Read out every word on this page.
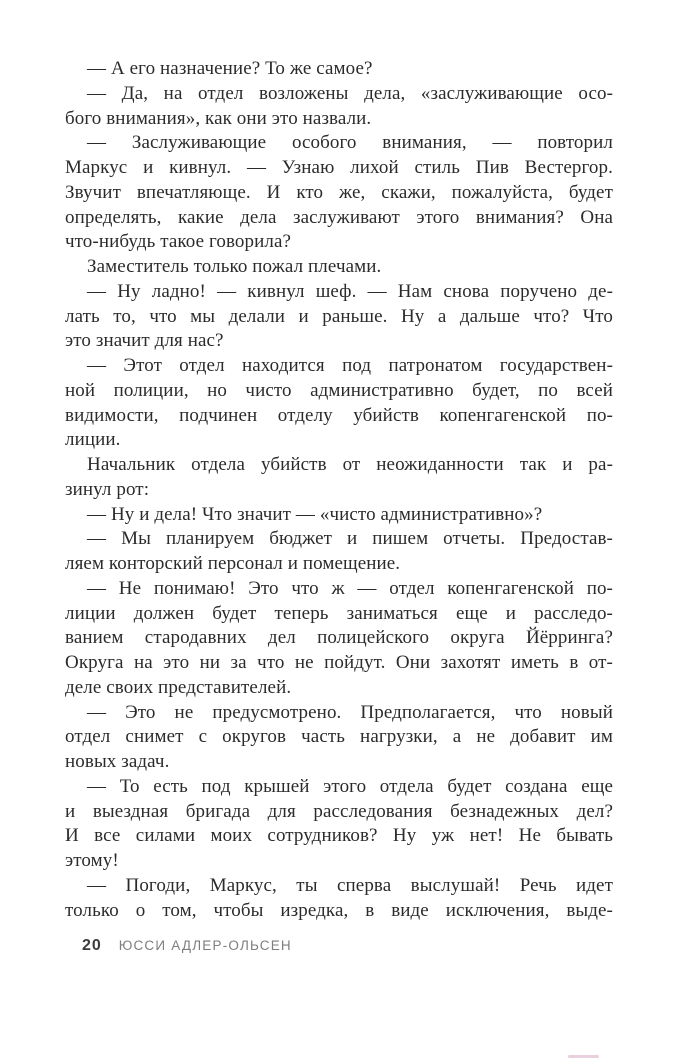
— А его назначение? То же самое?
— Да, на отдел возложены дела, «заслуживающие осо-
бого внимания», как они это назвали.
— Заслуживающие особого внимания, — повторил
Маркус и кивнул. — Узнаю лихой стиль Пив Вестергор.
Звучит впечатляюще. И кто же, скажи, пожалуйста, будет
определять, какие дела заслуживают этого внимания? Она
что-нибудь такое говорила?
Заместитель только пожал плечами.
— Ну ладно! — кивнул шеф. — Нам снова поручено де-
лать то, что мы делали и раньше. Ну а дальше что? Что
это значит для нас?
— Этот отдел находится под патронатом государствен-
ной полиции, но чисто административно будет, по всей
видимости, подчинен отделу убийств копенгагенской по-
лиции.
Начальник отдела убийств от неожиданности так и ра-
зинул рот:
— Ну и дела! Что значит — «чисто административно»?
— Мы планируем бюджет и пишем отчеты. Предостав-
ляем конторский персонал и помещение.
— Не понимаю! Это что ж — отдел копенгагенской по-
лиции должен будет теперь заниматься еще и расследо-
ванием стародавних дел полицейского округа Йёрринга?
Округа на это ни за что не пойдут. Они захотят иметь в от-
деле своих представителей.
— Это не предусмотрено. Предполагается, что новый
отдел снимет с округов часть нагрузки, а не добавит им
новых задач.
— То есть под крышей этого отдела будет создана еще
и выездная бригада для расследования безнадежных дел?
И все силами моих сотрудников? Ну уж нет! Не бывать
этому!
— Погоди, Маркус, ты сперва выслушай! Речь идет
только о том, чтобы изредка, в виде исключения, выде-
20 ЮССИ АДЛЕР-ОЛЬСЕН
